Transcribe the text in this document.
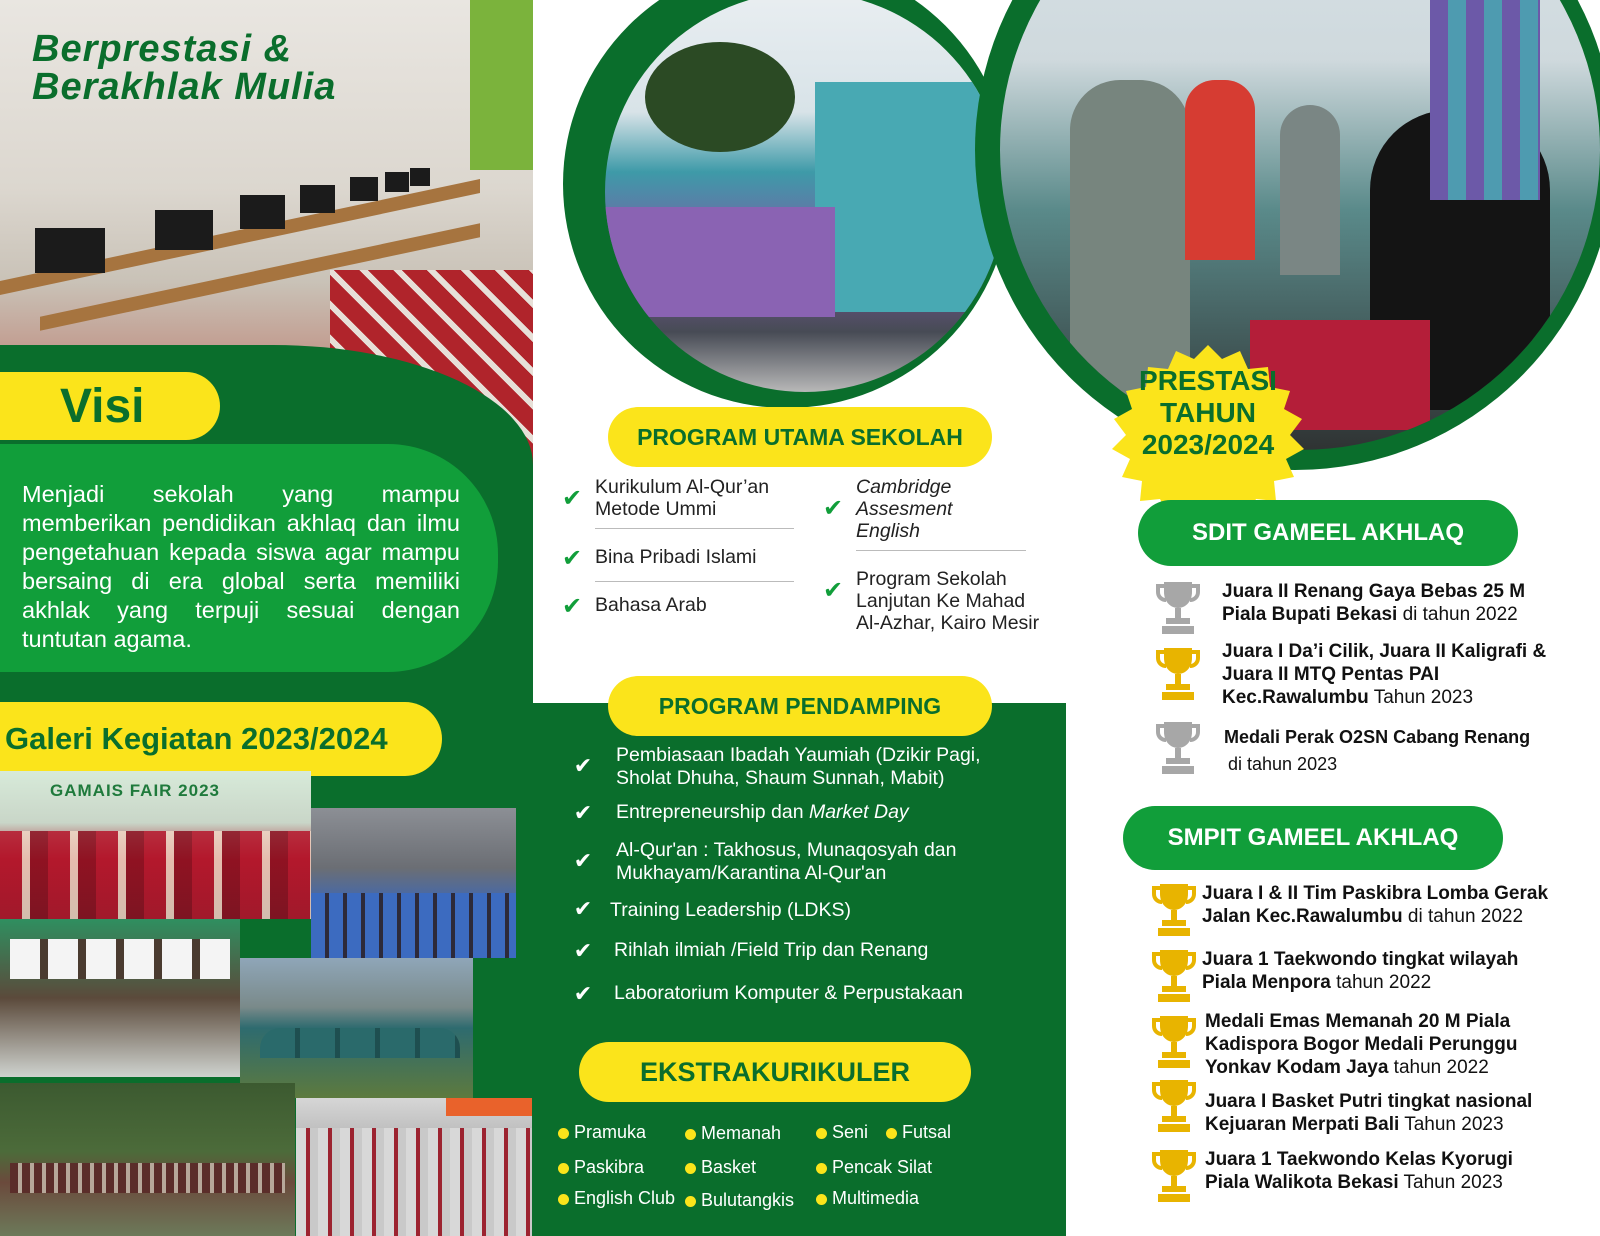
Berprestasi &
Berakhlak Mulia
Visi
Menjadi sekolah yang mampu memberikan pendidikan akhlaq dan ilmu pengetahuan kepada siswa agar mampu bersaing di era global serta memiliki akhlak yang terpuji sesuai dengan tuntutan agama.
Galeri Kegiatan 2023/2024
GAMAIS FAIR 2023
PROGRAM UTAMA SEKOLAH
✔ Kurikulum Al-Qur’an
Metode Ummi
✔ Bina Pribadi Islami
✔ Bahasa Arab
✔
Cambridge
Assesment
English
✔ Program Sekolah
Lanjutan Ke Mahad
Al-Azhar, Kairo Mesir
PROGRAM PENDAMPING
✔ Pembiasaan Ibadah Yaumiah (Dzikir Pagi,
Sholat Dhuha, Shaum Sunnah, Mabit)
✔ Entrepreneurship dan Market Day
✔ Al-Qur'an : Takhosus, Munaqosyah dan
Mukhayam/Karantina Al-Qur'an
✔ Training Leadership (LDKS)
✔ Rihlah ilmiah /Field Trip dan Renang
✔ Laboratorium Komputer & Perpustakaan
EKSTRAKURIKULER
Pramuka	Memanah	Seni	Futsal
Paskibra	Basket	Pencak Silat
English Club	Bulutangkis	Multimedia
PRESTASI
TAHUN
2023/2024
SDIT GAMEEL AKHLAQ
Juara II Renang Gaya Bebas 25 M
Piala Bupati Bekasi di tahun 2022
Juara I Da’i Cilik, Juara II Kaligrafi &
Juara II MTQ Pentas PAI
Kec.Rawalumbu Tahun 2023
Medali Perak O2SN Cabang Renang
di tahun 2023
SMPIT GAMEEL AKHLAQ
Juara I & II Tim Paskibra Lomba Gerak
Jalan Kec.Rawalumbu di tahun 2022
Juara 1 Taekwondo tingkat wilayah
Piala Menpora tahun 2022
Medali Emas Memanah 20 M Piala
Kadispora Bogor Medali Perunggu
Yonkav Kodam Jaya tahun 2022
Juara I Basket Putri tingkat nasional
Kejuaran Merpati Bali Tahun 2023
Juara 1 Taekwondo Kelas Kyorugi
Piala Walikota Bekasi Tahun 2023
